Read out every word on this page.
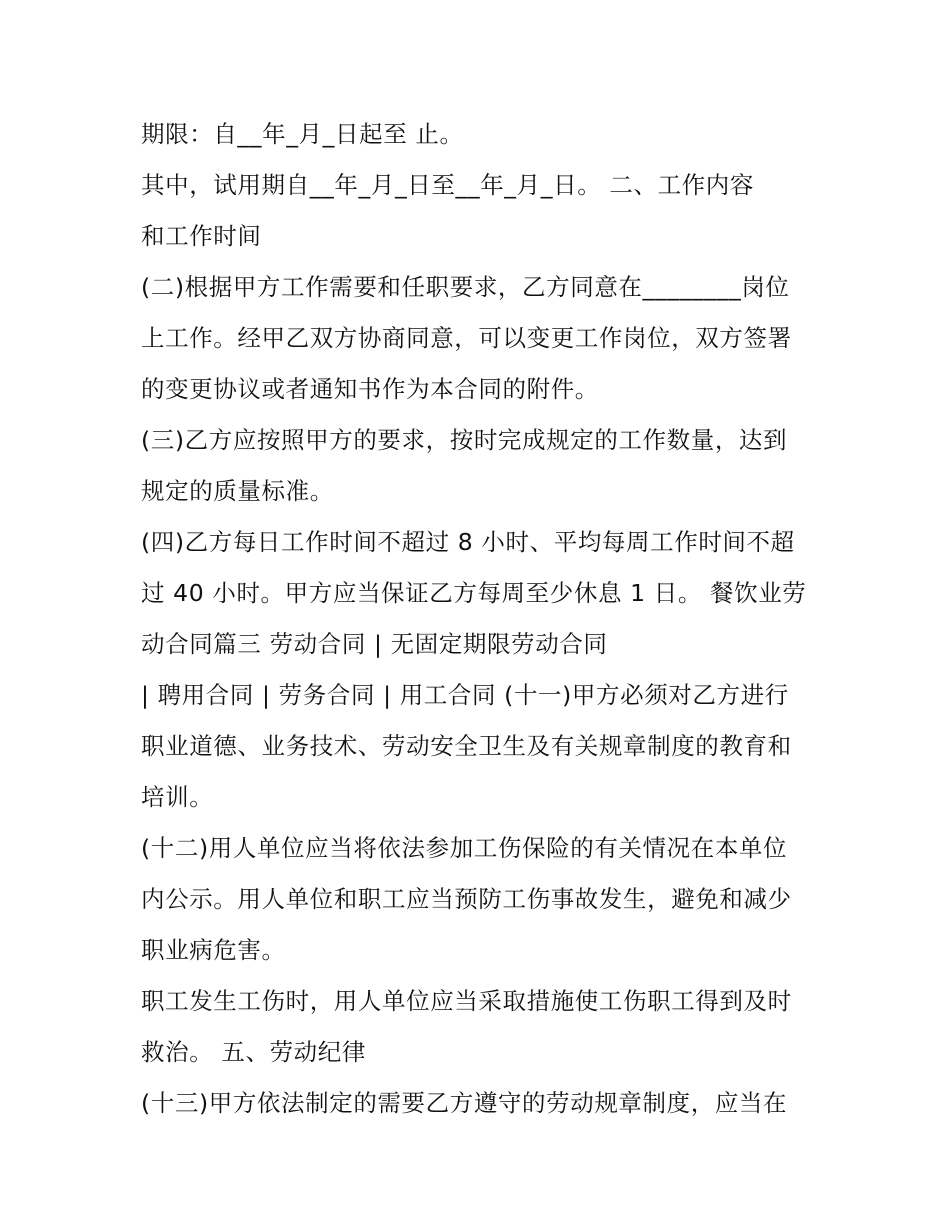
期限：自__年_月_日起至 止。
其中，试用期自__年_月_日至__年_月_日。 二、工作内容
和工作时间
(二)根据甲方工作需要和任职要求，乙方同意在________岗位
上工作。经甲乙双方协商同意，可以变更工作岗位，双方签署
的变更协议或者通知书作为本合同的附件。
(三)乙方应按照甲方的要求，按时完成规定的工作数量，达到
规定的质量标准。
(四)乙方每日工作时间不超过 8 小时、平均每周工作时间不超
过 40 小时。甲方应当保证乙方每周至少休息 1 日。 餐饮业劳
动合同篇三 劳动合同 | 无固定期限劳动合同
| 聘用合同 | 劳务合同 | 用工合同 (十一)甲方必须对乙方进行
职业道德、业务技术、劳动安全卫生及有关规章制度的教育和
培训。
(十二)用人单位应当将依法参加工伤保险的有关情况在本单位
内公示。用人单位和职工应当预防工伤事故发生，避免和减少
职业病危害。
职工发生工伤时，用人单位应当采取措施使工伤职工得到及时
救治。 五、劳动纪律
(十三)甲方依法制定的需要乙方遵守的劳动规章制度，应当在
